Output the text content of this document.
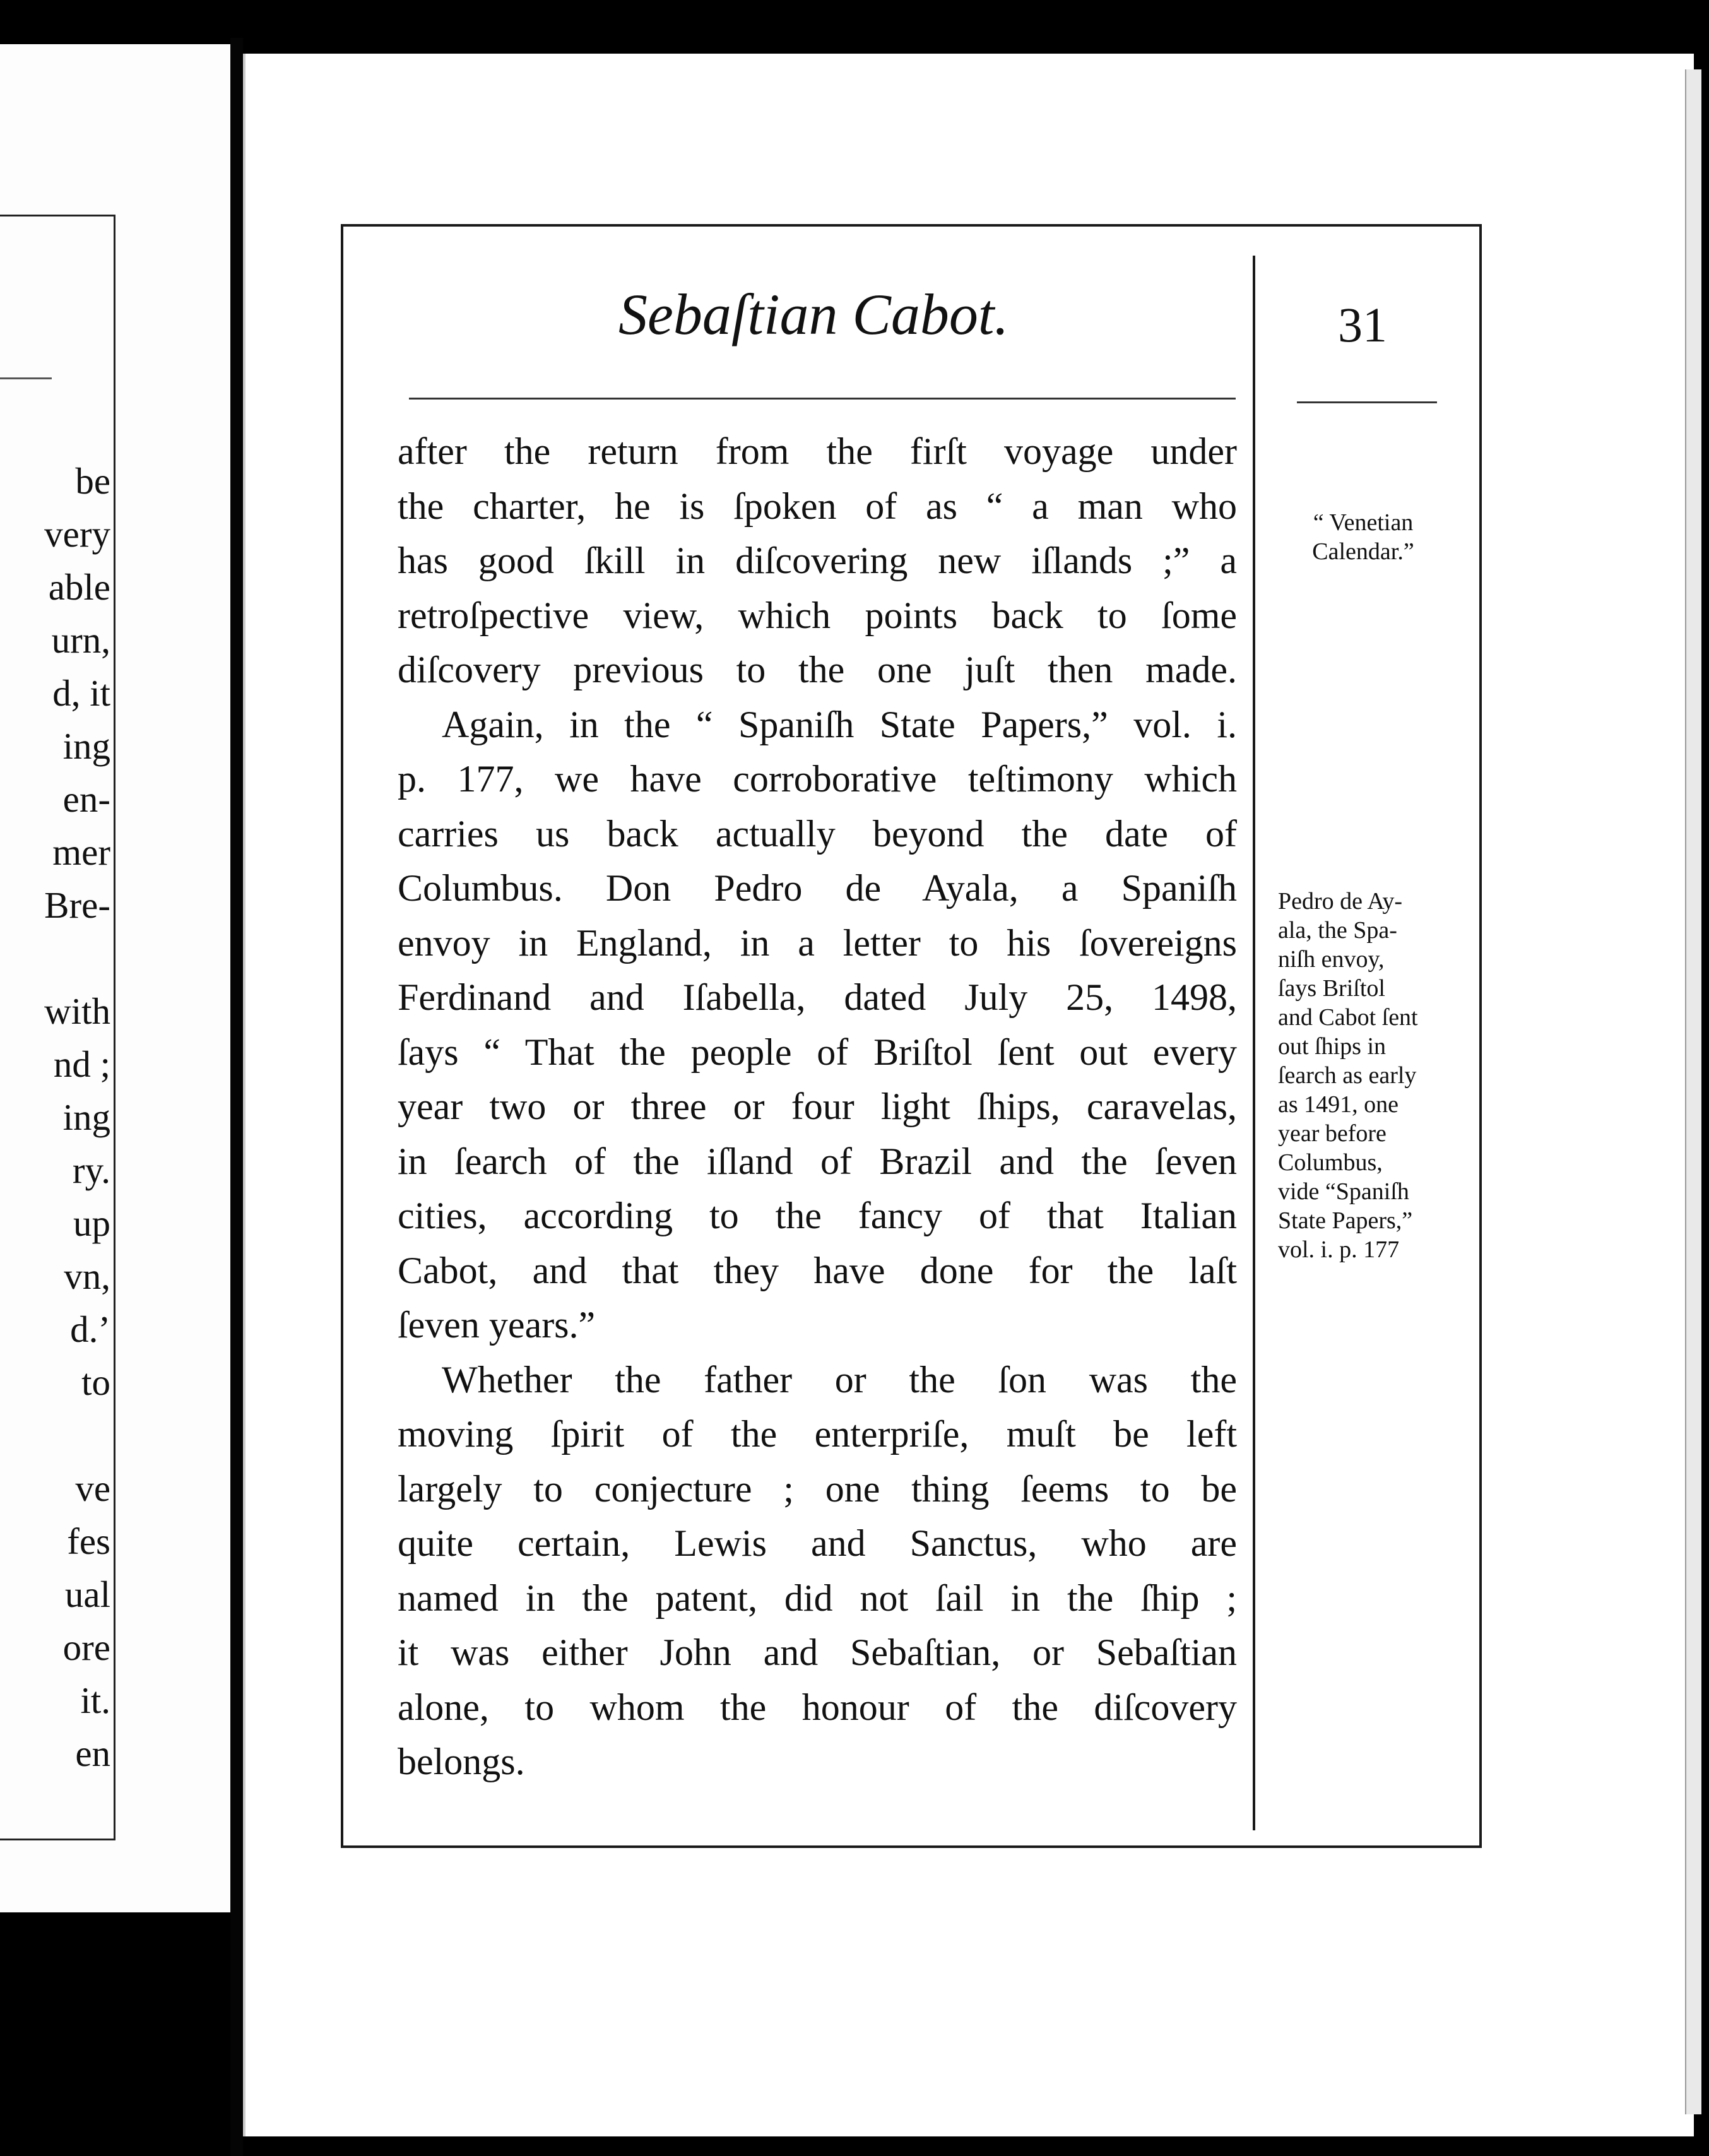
be
very
able
urn,
d, it
ing
en-
mer
Bre-
with
nd ;
ing
ry.
up
vn,
d.’
to
ve
fes
ual
ore
it.
en
Sebaſtian Cabot.	31
after the return from the firſt voyage under
the charter, he is ſpoken of as “ a man who
has good ſkill in diſcovering new iſlands ;” a
retroſpective view, which points back to ſome
diſcovery previous to the one juſt then made.
Again, in the “ Spaniſh State Papers,” vol. i.
p. 177, we have corroborative teſtimony which
carries us back actually beyond the date of
Columbus. Don Pedro de Ayala, a Spaniſh
envoy in England, in a letter to his ſovereigns
Ferdinand and Iſabella, dated July 25, 1498,
ſays “ That the people of Briſtol ſent out every
year two or three or four light ſhips, caravelas,
in ſearch of the iſland of Brazil and the ſeven
cities, according to the fancy of that Italian
Cabot, and that they have done for the laſt
ſeven years.”
Whether the father or the ſon was the
moving ſpirit of the enterpriſe, muſt be left
largely to conjecture ; one thing ſeems to be
quite certain, Lewis and Sanctus, who are
named in the patent, did not ſail in the ſhip ;
it was either John and Sebaſtian, or Sebaſtian
alone, to whom the honour of the diſcovery
belongs.
“ Venetian
Calendar.”
Pedro de Ay-
ala, the Spa-
niſh envoy,
ſays Briſtol
and Cabot ſent
out ſhips in
ſearch as early
as 1491, one
year before
Columbus,
vide “Spaniſh
State Papers,”
vol. i. p. 177
